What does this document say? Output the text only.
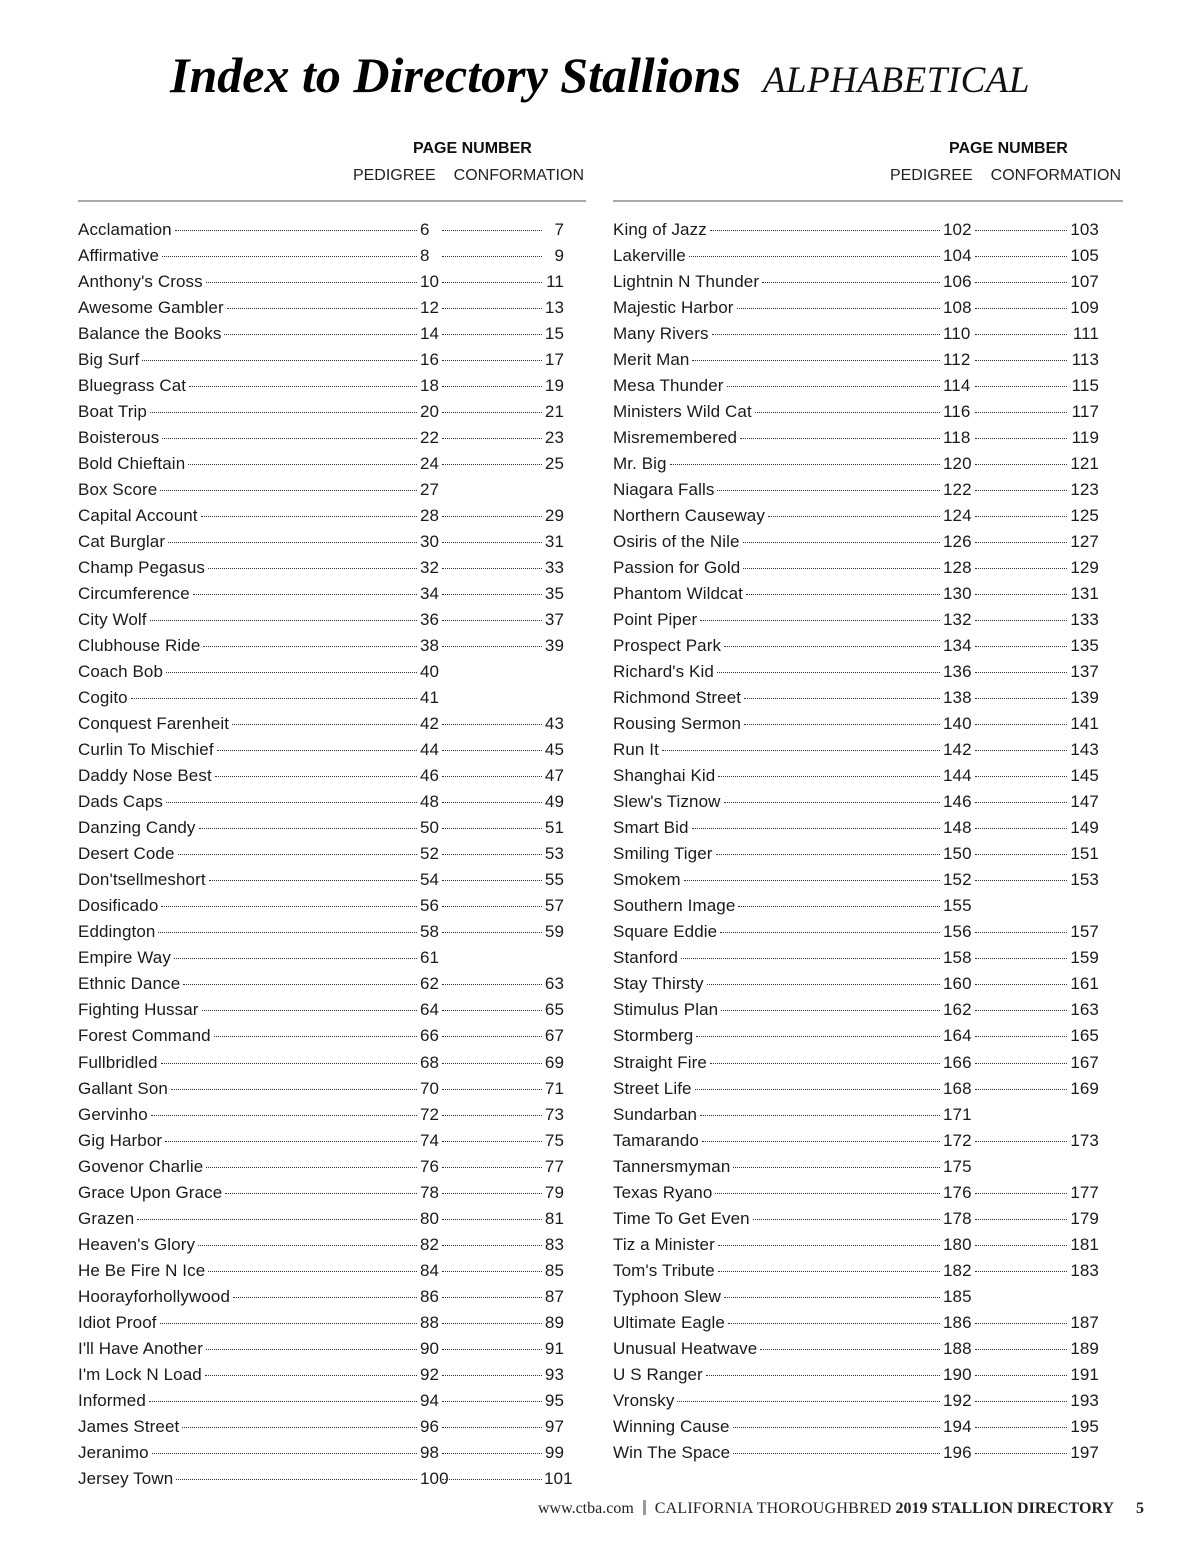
Index to Directory Stallions ALPHABETICAL
PAGE NUMBER
PEDIGREE CONFORMATION
Acclamation	6	7
Affirmative	8	9
Anthony's Cross	10	11
Awesome Gambler	12	13
Balance the Books	14	15
Big Surf	16	17
Bluegrass Cat	18	19
Boat Trip	20	21
Boisterous	22	23
Bold Chieftain	24	25
Box Score	27
Capital Account	28	29
Cat Burglar	30	31
Champ Pegasus	32	33
Circumference	34	35
City Wolf	36	37
Clubhouse Ride	38	39
Coach Bob	40
Cogito	41
Conquest Farenheit	42	43
Curlin To Mischief	44	45
Daddy Nose Best	46	47
Dads Caps	48	49
Danzing Candy	50	51
Desert Code	52	53
Don'tsellmeshort	54	55
Dosificado	56	57
Eddington	58	59
Empire Way	61
Ethnic Dance	62	63
Fighting Hussar	64	65
Forest Command	66	67
Fullbridled	68	69
Gallant Son	70	71
Gervinho	72	73
Gig Harbor	74	75
Govenor Charlie	76	77
Grace Upon Grace	78	79
Grazen	80	81
Heaven's Glory	82	83
He Be Fire N Ice	84	85
Hoorayforhollywood	86	87
Idiot Proof	88	89
I'll Have Another	90	91
I'm Lock N Load	92	93
Informed	94	95
James Street	96	97
Jeranimo	98	99
Jersey Town	100	101
PAGE NUMBER
PEDIGREE CONFORMATION
King of Jazz	102	103
Lakerville	104	105
Lightnin N Thunder	106	107
Majestic Harbor	108	109
Many Rivers	110	111
Merit Man	112	113
Mesa Thunder	114	115
Ministers Wild Cat	116	117
Misremembered	118	119
Mr. Big	120	121
Niagara Falls	122	123
Northern Causeway	124	125
Osiris of the Nile	126	127
Passion for Gold	128	129
Phantom Wildcat	130	131
Point Piper	132	133
Prospect Park	134	135
Richard's Kid	136	137
Richmond Street	138	139
Rousing Sermon	140	141
Run It	142	143
Shanghai Kid	144	145
Slew's Tiznow	146	147
Smart Bid	148	149
Smiling Tiger	150	151
Smokem	152	153
Southern Image	155
Square Eddie	156	157
Stanford	158	159
Stay Thirsty	160	161
Stimulus Plan	162	163
Stormberg	164	165
Straight Fire	166	167
Street Life	168	169
Sundarban	171
Tamarando	172	173
Tannersmyman	175
Texas Ryano	176	177
Time To Get Even	178	179
Tiz a Minister	180	181
Tom's Tribute	182	183
Typhoon Slew	185
Ultimate Eagle	186	187
Unusual Heatwave	188	189
U S Ranger	190	191
Vronsky	192	193
Winning Cause	194	195
Win The Space	196	197
www.ctba.com CALIFORNIA THOROUGHBRED 2019 STALLION DIRECTORY 5
